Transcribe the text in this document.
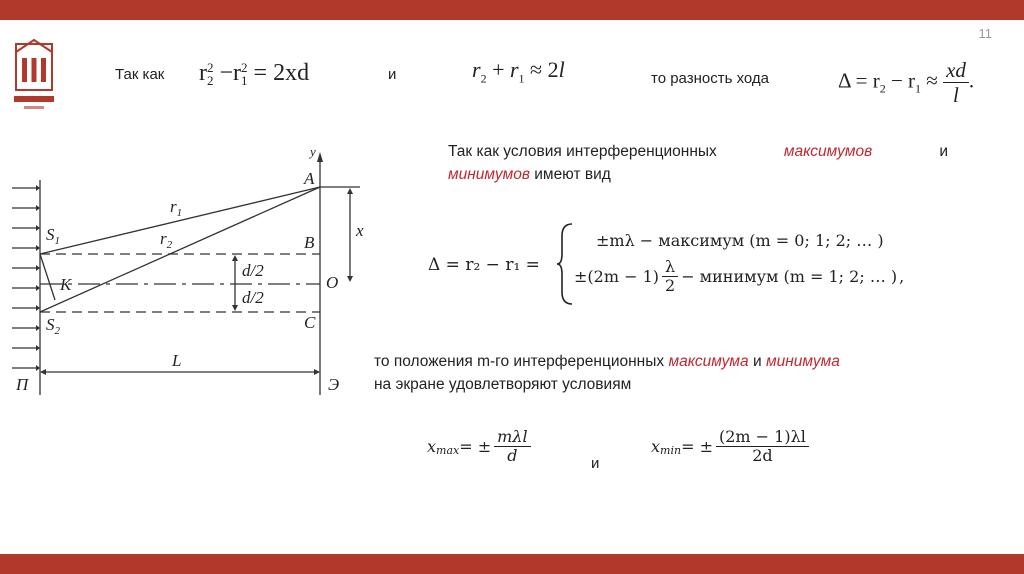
11
СибГАСУ
Так как r 2
2 −r 2
1 = 2xd	и	$r_2 + r_1 \approx 2l$	то разность хода	$\Delta = r_2 - r_1 \approx \frac{xd}{l}$ .
Так как условия интерференционных	максимумов	и
минимумов имеют вид
Δ = r₂ − r₁ =
±mλ − максимум (m = 0; 1; 2; … )
$\pm(2m - 1) \frac{\lambda}{2}$ − минимум (m = 1; 2; … ) ,
то положения m-го интерференционных максимума и минимума
на экране удовлетворяют условиям
$x_{max}$ = ± $\frac{\text{mλl}}{d}$	и
$x_{min}$ = ± $\frac{(2m - 1)\lambda l}{2d}$
y
A
B
O
C
$S_1$
$S_2$
K
$r_1$
$r_2$
x
d/2
d/2
L
П	Э
